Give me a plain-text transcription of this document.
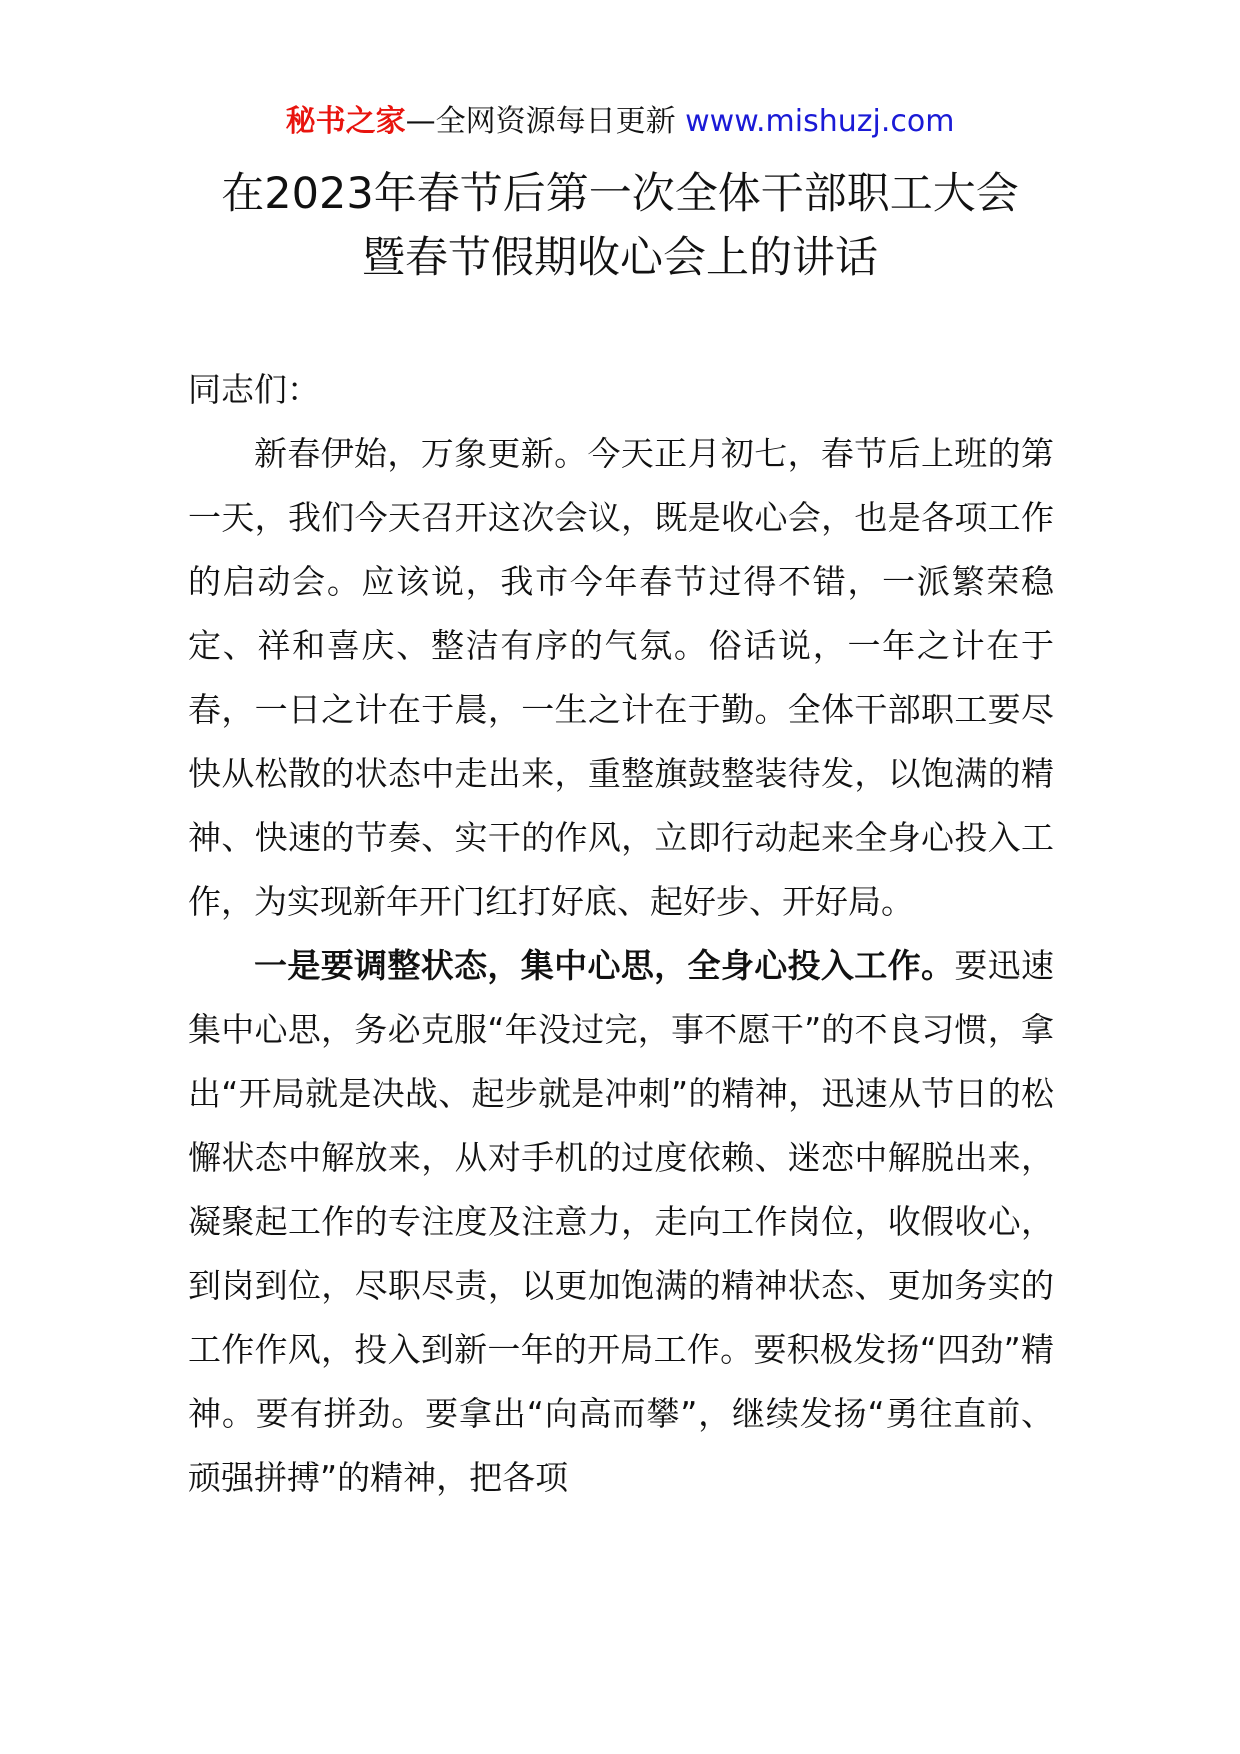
秘书之家—全网资源每日更新 www.mishuzj.com
在2023年春节后第一次全体干部职工大会
暨春节假期收心会上的讲话

同志们：

新春伊始，万象更新。今天正月初七，春节后上班的第一天，我们今天召开这次会议，既是收心会，也是各项工作的启动会。应该说，我市今年春节过得不错，一派繁荣稳定、祥和喜庆、整洁有序的气氛。俗话说，一年之计在于春，一日之计在于晨，一生之计在于勤。全体干部职工要尽快从松散的状态中走出来，重整旗鼓整装待发，以饱满的精神、快速的节奏、实干的作风，立即行动起来全身心投入工作，为实现新年开门红打好底、起好步、开好局。

一是要调整状态，集中心思，全身心投入工作。要迅速集中心思，务必克服“年没过完，事不愿干”的不良习惯，拿出“开局就是决战、起步就是冲刺”的精神，迅速从节日的松懈状态中解放来，从对手机的过度依赖、迷恋中解脱出来，凝聚起工作的专注度及注意力，走向工作岗位，收假收心，到岗到位，尽职尽责，以更加饱满的精神状态、更加务实的工作作风，投入到新一年的开局工作。要积极发扬“四劲”精神。要有拼劲。要拿出“向高而攀”，继续发扬“勇往直前、顽强拼搏”的精神，把各项
